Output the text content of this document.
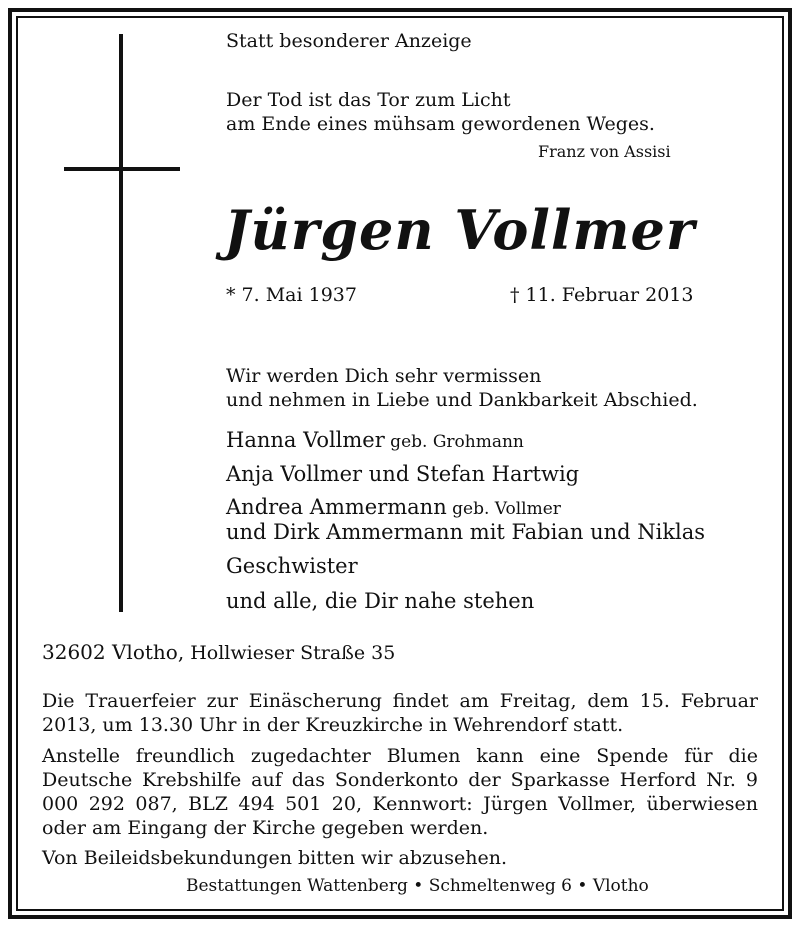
Statt besonderer Anzeige
Der Tod ist das Tor zum Licht
am Ende eines mühsam gewordenen Weges.
Franz von Assisi
Jürgen Vollmer
* 7. Mai 1937	† 11. Februar 2013
Wir werden Dich sehr vermissen
und nehmen in Liebe und Dankbarkeit Abschied.
Hanna Vollmer geb. Grohmann
Anja Vollmer und Stefan Hartwig
Andrea Ammermann geb. Vollmer
und Dirk Ammermann mit Fabian und Niklas
Geschwister
und alle, die Dir nahe stehen
32602 Vlotho, Hollwieser Straße 35
Die Trauerfeier zur Einäscherung findet am Freitag, dem 15. Februar 2013, um 13.30 Uhr in der Kreuzkirche in Wehrendorf statt.
Anstelle freundlich zugedachter Blumen kann eine Spende für die Deutsche Krebshilfe auf das Sonderkonto der Sparkasse Herford Nr. 9 000 292 087, BLZ 494 501 20, Kennwort: Jürgen Vollmer, überwiesen oder am Eingang der Kirche gegeben werden.
Von Beileidsbekundungen bitten wir abzusehen.
Bestattungen Wattenberg • Schmeltenweg 6 • Vlotho
